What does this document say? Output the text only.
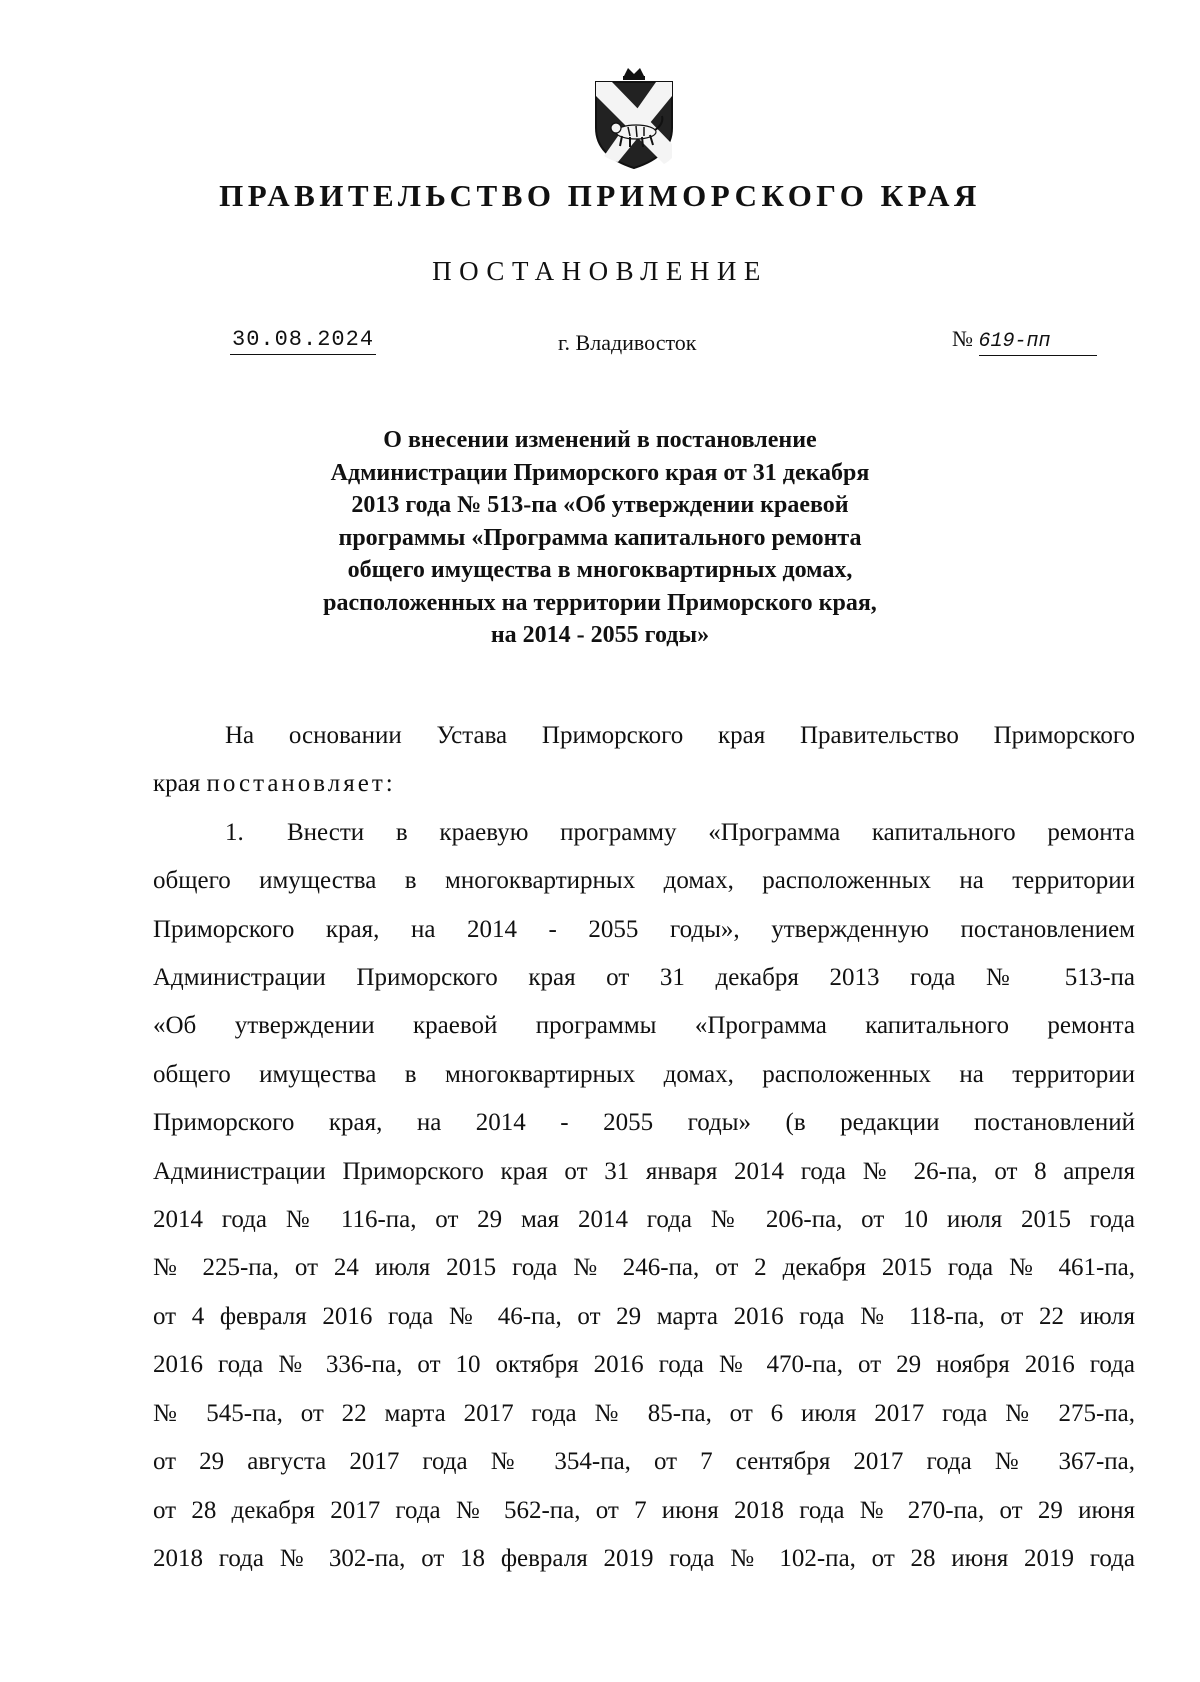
ПРАВИТЕЛЬСТВО ПРИМОРСКОГО КРАЯ
ПОСТАНОВЛЕНИЕ
30.08.2024	г. Владивосток	№ 619-пп
О внесении изменений в постановление
Администрации Приморского края от 31 декабря
2013 года № 513-па «Об утверждении краевой
программы «Программа капитального ремонта
общего имущества в многоквартирных домах,
расположенных на территории Приморского края,
на 2014 - 2055 годы»
На основании Устава Приморского края Правительство Приморского
края постановляет:
1. Внести в краевую программу «Программа капитального ремонта
общего имущества в многоквартирных домах, расположенных на территории
Приморского края, на 2014 - 2055 годы», утвержденную постановлением
Администрации Приморского края от 31 декабря 2013 года № 513-па
«Об утверждении краевой программы «Программа капитального ремонта
общего имущества в многоквартирных домах, расположенных на территории
Приморского края, на 2014 - 2055 годы» (в редакции постановлений
Администрации Приморского края от 31 января 2014 года № 26-па, от 8 апреля
2014 года № 116-па, от 29 мая 2014 года № 206-па, от 10 июля 2015 года
№ 225-па, от 24 июля 2015 года № 246-па, от 2 декабря 2015 года № 461-па,
от 4 февраля 2016 года № 46-па, от 29 марта 2016 года № 118-па, от 22 июля
2016 года № 336-па, от 10 октября 2016 года № 470-па, от 29 ноября 2016 года
№ 545-па, от 22 марта 2017 года № 85-па, от 6 июля 2017 года № 275-па,
от 29 августа 2017 года № 354-па, от 7 сентября 2017 года № 367-па,
от 28 декабря 2017 года № 562-па, от 7 июня 2018 года № 270-па, от 29 июня
2018 года № 302-па, от 18 февраля 2019 года № 102-па, от 28 июня 2019 года
